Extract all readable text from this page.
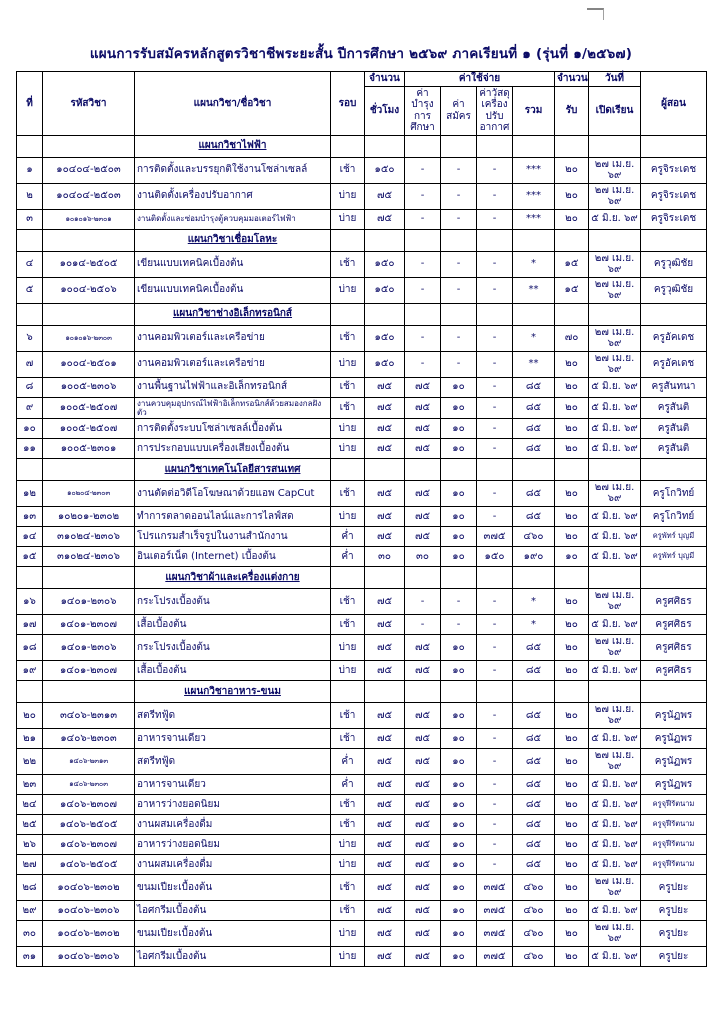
แผนการรับสมัครหลักสูตรวิชาชีพระยะสั้น ปีการศึกษา ๒๕๖๙ ภาคเรียนที่ ๑ (รุ่นที่ ๑/๒๕๖๗)
ที่	รหัสวิชา	แผนกวิชา/ชื่อวิชา	รอบ	จำนวน	ค่าใช้จ่าย				จำนวน	วันที่	ผู้สอน
				ชั่วโมง	ค่าบำรุงการศึกษา	ค่าสมัคร	ค่าวัสดุเครื่องปรับอากาศ	รวม	รับ	เปิดเรียน	
		แผนกวิชาไฟฟ้า									
๑	๑๐๔๐๔-๒๕๐๓	การติดตั้งและบรรยุกติใช้งานโซล่าเซลล์	เช้า	๑๕๐	-	-	-	***	๒๐	๒๗ เม.ย. ๖๙	ครูจิระเดช
๒	๑๐๔๐๔-๒๕๐๓	งานติดตั้งเครื่องปรับอากาศ	บ่าย	๗๕	-	-	-	***	๒๐	๒๗ เม.ย. ๖๙	ครูจิระเดช
๓	๑๐๑๐๑๖-๒๓๐๑	งานติดตั้งและซ่อมบำรุงตู้ควบคุมมอเตอร์ไฟฟ้า	บ่าย	๗๕	-	-	-	***	๒๐	๕ มิ.ย. ๖๙	ครูจิระเดช
		แผนกวิชาเชื่อมโลหะ									
๔	๑๐๑๔-๒๕๐๕	เขียนแบบเทคนิคเบื้องต้น	เช้า	๑๕๐	-	-	-	*	๑๕	๒๗ เม.ย. ๖๙	ครูวุฒิชัย
๕	๑๐๐๔-๒๕๐๖	เขียนแบบเทคนิคเบื้องต้น	บ่าย	๑๕๐	-	-	-	**	๑๕	๒๗ เม.ย. ๖๙	ครูวุฒิชัย
		แผนกวิชาช่างอิเล็กทรอนิกส์									
๖	๑๐๑๐๑๖-๒๓๐๓	งานคอมพิวเตอร์และเครือข่าย	เช้า	๑๕๐	-	-	-	*	๗๐	๒๗ เม.ย. ๖๙	ครูอัคเดช
๗	๑๐๐๔-๒๕๐๑	งานคอมพิวเตอร์และเครือข่าย	บ่าย	๑๕๐	-	-	-	**	๒๐	๒๗ เม.ย. ๖๙	ครูอัคเดช
๘	๑๐๐๕-๒๓๐๖	งานพื้นฐานไฟฟ้าและอิเล็กทรอนิกส์	เช้า	๗๕	๗๕	๑๐	-	๘๕	๒๐	๕ มิ.ย. ๖๙	ครูสันทนา
๙	๑๐๐๕-๒๕๐๗	งานควบคุมอุปกรณ์ไฟฟ้าอิเล็กทรอนิกส์ด้วยสมองกลฝังตัว	เช้า	๗๕	๗๕	๑๐	-	๘๕	๒๐	๕ มิ.ย. ๖๙	ครูสันติ
๑๐	๑๐๐๕-๒๕๐๗	การติดตั้งระบบโซล่าเซลล์เบื้องต้น	บ่าย	๗๕	๗๕	๑๐	-	๘๕	๒๐	๕ มิ.ย. ๖๙	ครูสันติ
๑๑	๑๐๐๕-๒๓๐๑	การประกอบแบบเครื่องเสียงเบื้องต้น	บ่าย	๗๕	๗๕	๑๐	-	๘๕	๒๐	๕ มิ.ย. ๖๙	ครูสันติ
		แผนกวิชาเทคโนโลยีสารสนเทศ									
๑๒	๑๐๒๐๔-๒๓๐๓	งานตัดต่อวิดีโอโฆษณาด้วยแอพ CapCut	เช้า	๗๕	๗๕	๑๐	-	๘๕	๒๐	๒๗ เม.ย. ๖๙	ครูโกวิทย์
๑๓	๑๐๒๐๑-๒๓๐๒	ทำการตลาดออนไลน์และการไลฟ์สด	บ่าย	๗๕	๗๕	๑๐	-	๘๕	๒๐	๕ มิ.ย. ๖๙	ครูโกวิทย์
๑๔	๓๑๐๒๔-๒๓๐๖	โปรแกรมสำเร็จรูปในงานสำนักงาน	ค่ำ	๗๕	๗๕	๑๐	๓๗๕	๔๖๐	๒๐	๕ มิ.ย. ๖๙	ครูพัทร์ บุญมี
๑๕	๓๑๐๒๔-๒๓๐๖	อินเตอร์เน็ต (Internet) เบื้องต้น	ค่ำ	๓๐	๓๐	๑๐	๑๕๐	๑๙๐	๑๐	๕ มิ.ย. ๖๙	ครูพัทร์ บุญมี
		แผนกวิชาผ้าและเครื่องแต่งกาย									
๑๖	๑๔๐๑-๒๓๐๖	กระโปรงเบื้องต้น	เช้า	๗๕	-	-	-	*	๒๐	๒๗ เม.ย. ๖๙	ครูศศิธร
๑๗	๑๔๐๑-๒๓๐๗	เสื้อเบื้องต้น	เช้า	๗๕	-	-	-	*	๒๐	๕ มิ.ย. ๖๙	ครูศศิธร
๑๘	๑๔๐๑-๒๓๐๖	กระโปรงเบื้องต้น	บ่าย	๗๕	๗๕	๑๐	-	๘๕	๒๐	๒๗ เม.ย. ๖๙	ครูศศิธร
๑๙	๑๔๐๑-๒๓๐๗	เสื้อเบื้องต้น	บ่าย	๗๕	๗๕	๑๐	-	๘๕	๒๐	๕ มิ.ย. ๖๙	ครูศศิธร
		แผนกวิชาอาหาร-ขนม									
๒๐	๓๔๐๖-๒๓๑๓	สตรีทฟู้ด	เช้า	๗๕	๗๕	๑๐	-	๘๕	๒๐	๒๗ เม.ย. ๖๙	ครูนัฏพร
๒๑	๑๔๐๖-๒๓๐๓	อาหารจานเดียว	เช้า	๗๕	๗๕	๑๐	-	๘๕	๒๐	๕ มิ.ย. ๖๙	ครูนัฏพร
๒๒	๑๔๐๖-๒๓๑๓	สตรีทฟู้ด	ค่ำ	๗๕	๗๕	๑๐	-	๘๕	๒๐	๒๗ เม.ย. ๖๙	ครูนัฏพร
๒๓	๑๔๐๖-๒๓๐๓	อาหารจานเดียว	ค่ำ	๗๕	๗๕	๑๐	-	๘๕	๒๐	๕ มิ.ย. ๖๙	ครูนัฏพร
๒๔	๑๔๐๖-๒๓๐๗	อาหารว่างยอดนิยม	เช้า	๗๕	๗๕	๑๐	-	๘๕	๒๐	๕ มิ.ย. ๖๙	ครูจุฬีรัตนาม
๒๕	๑๔๐๖-๒๕๐๕	งานผสมเครื่องดื่ม	เช้า	๗๕	๗๕	๑๐	-	๘๕	๒๐	๕ มิ.ย. ๖๙	ครูจุฬีรัตนาม
๒๖	๑๔๐๖-๒๓๐๗	อาหารว่างยอดนิยม	บ่าย	๗๕	๗๕	๑๐	-	๘๕	๒๐	๕ มิ.ย. ๖๙	ครูจุฬีรัตนาม
๒๗	๑๔๐๖-๒๕๐๕	งานผสมเครื่องดื่ม	บ่าย	๗๕	๗๕	๑๐	-	๘๕	๒๐	๕ มิ.ย. ๖๙	ครูจุฬีรัตนาม
๒๘	๑๐๔๐๖-๒๓๐๒	ขนมเปียะเบื้องต้น	เช้า	๗๕	๗๕	๑๐	๓๗๕	๔๖๐	๒๐	๒๗ เม.ย. ๖๙	ครูปยะ
๒๙	๑๐๔๐๖-๒๓๐๖	ไอศกรีมเบื้องต้น	เช้า	๗๕	๗๕	๑๐	๓๗๕	๔๖๐	๒๐	๕ มิ.ย. ๖๙	ครูปยะ
๓๐	๑๐๔๐๖-๒๓๐๒	ขนมเปียะเบื้องต้น	บ่าย	๗๕	๗๕	๑๐	๓๗๕	๔๖๐	๒๐	๒๗ เม.ย. ๖๙	ครูปยะ
๓๑	๑๐๔๐๖-๒๓๐๖	ไอศกรีมเบื้องต้น	บ่าย	๗๕	๗๕	๑๐	๓๗๕	๔๖๐	๒๐	๕ มิ.ย. ๖๙	ครูปยะ
